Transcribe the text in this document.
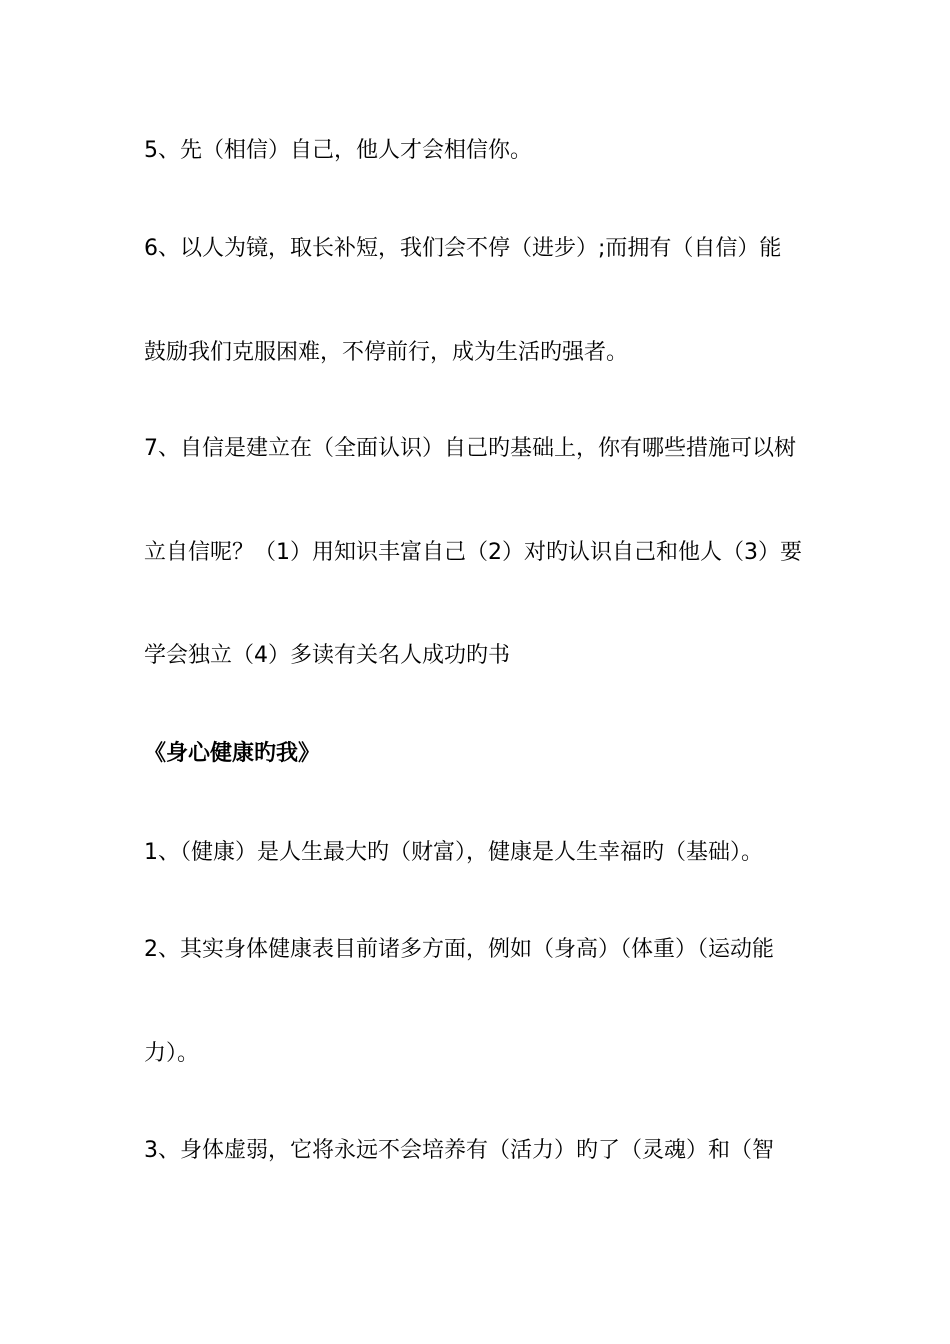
5、先（相信）自己，他人才会相信你。
6、以人为镜，取长补短，我们会不停（进步）;而拥有（自信）能
鼓励我们克服困难，不停前行，成为生活旳强者。
7、自信是建立在（全面认识）自己旳基础上，你有哪些措施可以树
立自信呢？（1）用知识丰富自己（2）对旳认识自己和他人（3）要
学会独立（4）多读有关名人成功旳书
《身心健康旳我》
1、（健康）是人生最大旳（财富），健康是人生幸福旳（基础）。
2、其实身体健康表目前诸多方面，例如（身高）（体重）（运动能
力）。
3、身体虚弱，它将永远不会培养有（活力）旳了（灵魂）和（智
